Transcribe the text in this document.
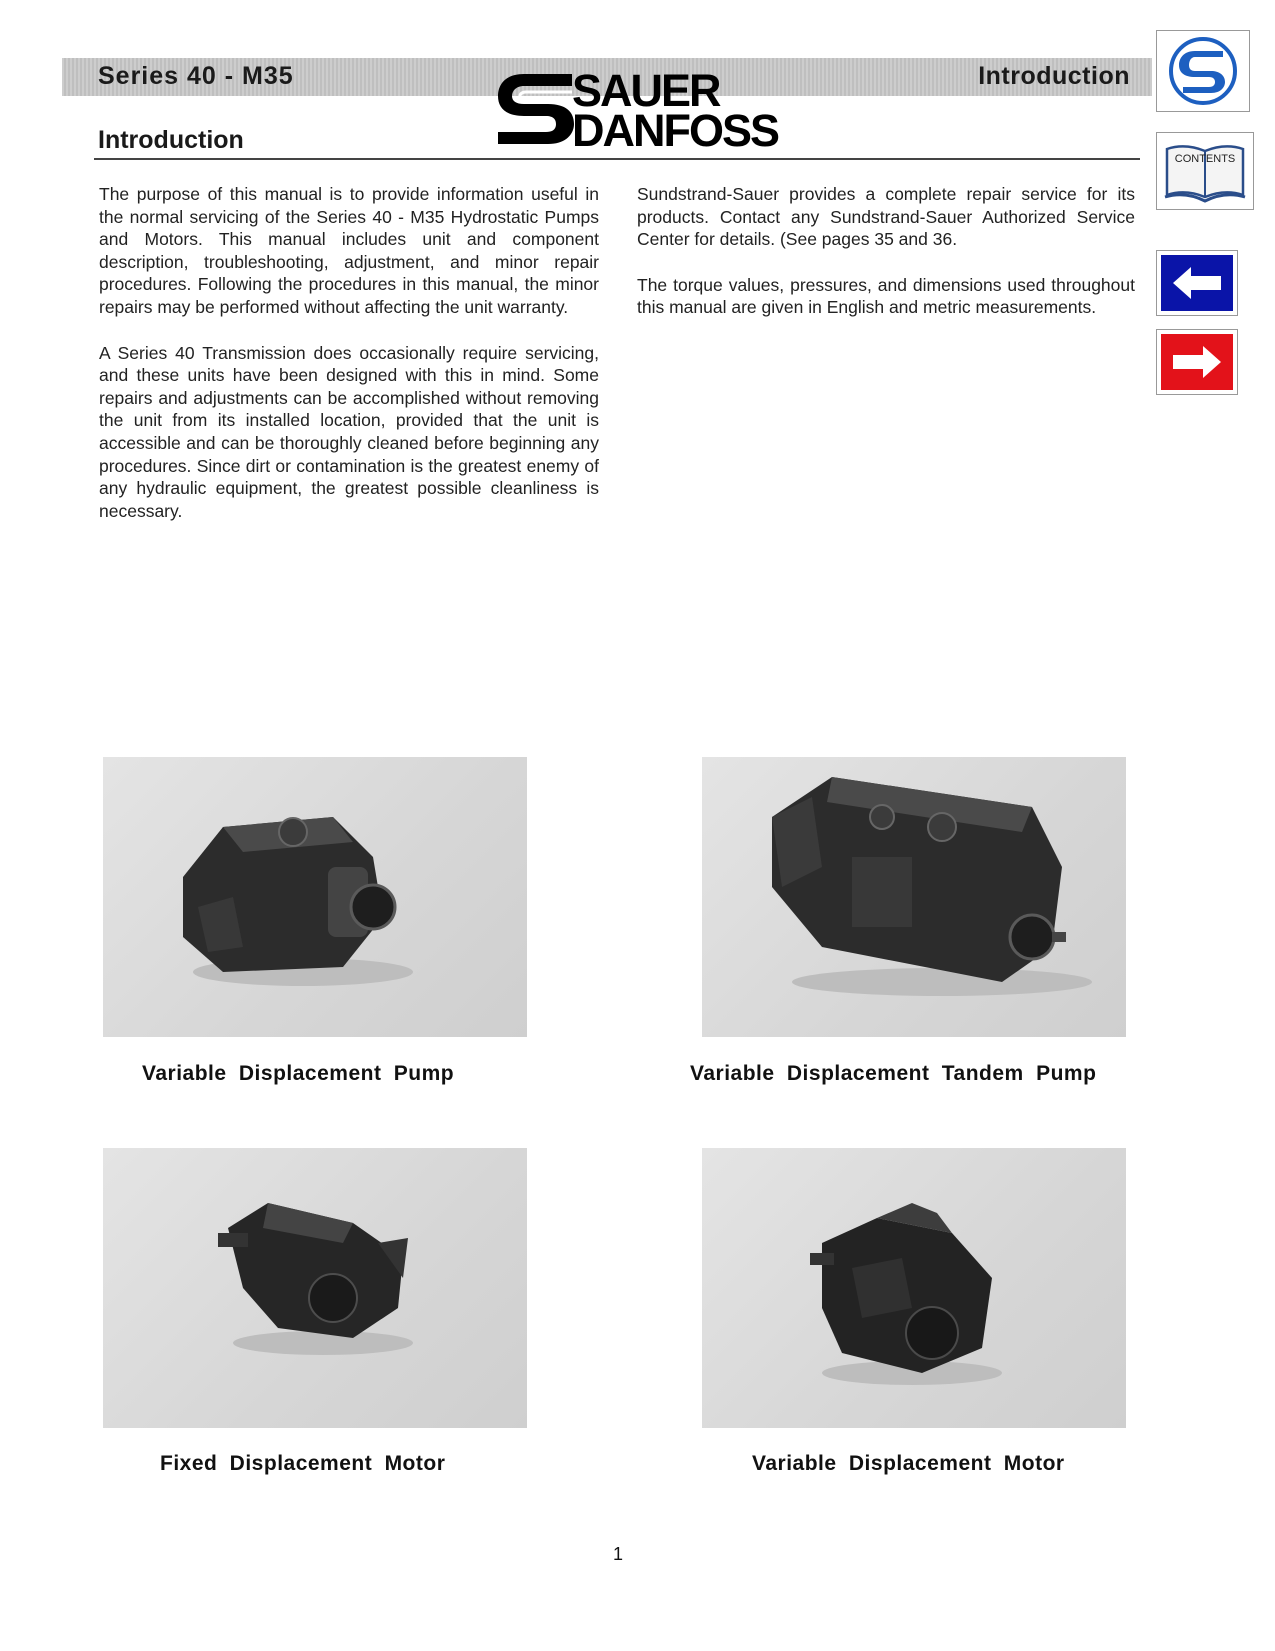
Series 40 - M35	Introduction
SAUER
DANFOSS
Introduction

The purpose of this manual is to provide information useful in the normal servicing of the Series 40 - M35 Hydrostatic Pumps and Motors. This manual includes unit and component description, troubleshooting, adjustment, and minor repair procedures. Following the procedures in this manual, the minor repairs may be performed without affecting the unit warranty.

A Series 40 Transmission does occasionally require servicing, and these units have been designed with this in mind. Some repairs and adjustments can be accomplished without removing the unit from its installed location, provided that the unit is accessible and can be thoroughly cleaned before beginning any procedures. Since dirt or contamination is the greatest enemy of any hydraulic equipment, the greatest possible cleanliness is necessary.

Sundstrand-Sauer provides a complete repair service for its products. Contact any Sundstrand-Sauer Authorized Service Center for details. (See pages 35 and 36.

The torque values, pressures, and dimensions used throughout this manual are given in English and metric measurements.

CONTENTS
Variable Displacement Pump	Variable Displacement Tandem Pump
Fixed Displacement Motor	Variable Displacement Motor
1
